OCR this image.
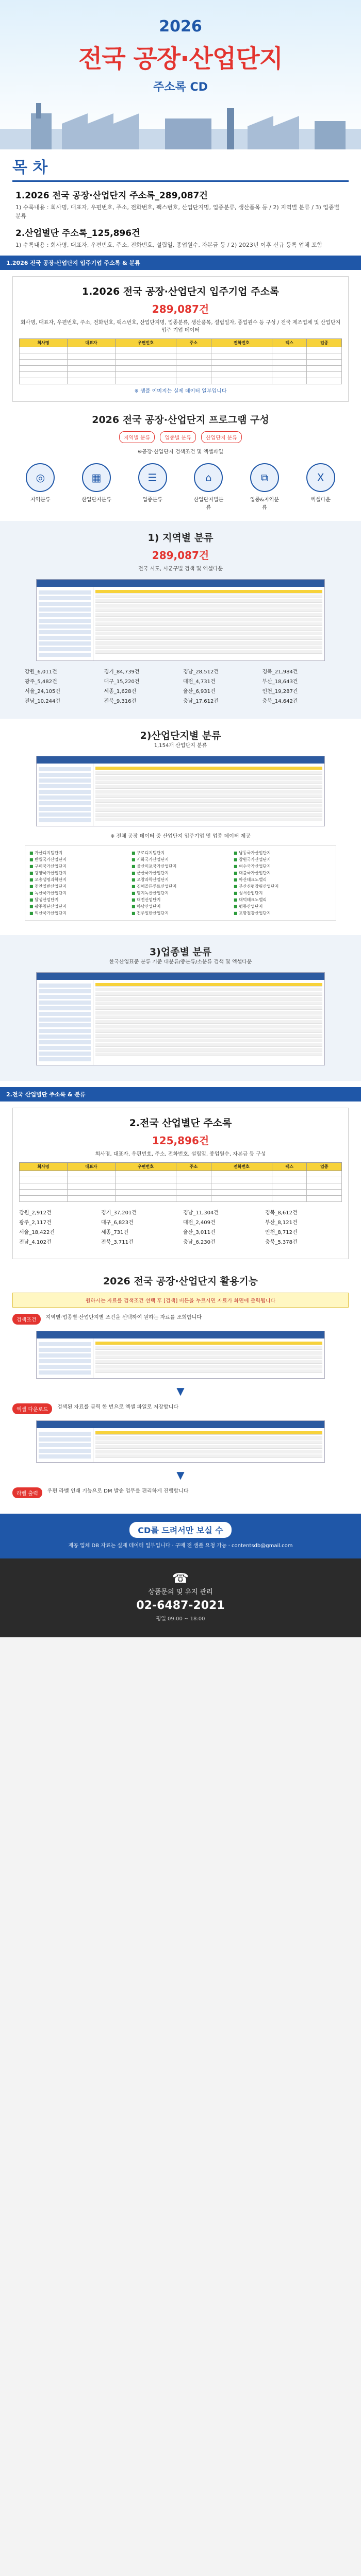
2026
전국 공장·산업단지
주소록 CD
목 차
1.2026 전국 공장·산업단지 주소록_289,087건

1) 수록내용 : 회사명, 대표자, 우편번호, 주소, 전화번호, 팩스번호, 산업단지명, 업종분류, 생산품목 등 / 2) 지역별 분류 / 3) 업종별 분류

2.산업별단 주소록_125,896건

1) 수록내용 : 회사명, 대표자, 우편번호, 주소, 전화번호, 설립일, 종업원수, 자본금 등 / 2) 2023년 이후 신규 등록 업체 포함

1.2026 전국 공장·산업단지 입주기업 주소록 & 분류
1.2026 전국 공장·산업단지 입주기업 주소록
289,087건
회사명, 대표자, 우편번호, 주소, 전화번호, 팩스번호, 산업단지명, 업종분류, 생산품목, 설립일자, 종업원수 등 구성 / 전국 제조업체 및 산업단지 입주 기업 데이터
회사명	대표자	우편번호	주소	전화번호	팩스	업종

※ 샘플 이미지는 실제 데이터 일부입니다
2026 전국 공장·산업단지 프로그램 구성
지역별 분류	업종별 분류	산업단지 분류
※공장·산업단지 검색조건 및 엑셀파일
◎
지역분류
▦
산업단지분류
☰
업종분류
⌂
산업단지별분류
⧉
업종&지역분류
X
엑셀다운
1) 지역별 분류
289,087건
전국 시도, 시군구별 검색 및 엑셀다운
강원_6,011건	경기_84,739건	경남_28,512건	경북_21,984건
광주_5,482건	대구_15,220건	대전_4,731건	부산_18,643건
서울_24,105건	세종_1,628건	울산_6,931건	인천_19,287건
전남_10,244건	전북_9,316건	충남_17,612건	충북_14,642건
2)산업단지별 분류
1,154개 산업단지 분류
※ 전체 공장 데이터 중 산업단지 입주기업 및 업종 데이터 제공
■ 가산디지털단지	■ 구로디지털단지	■ 남동국가산업단지
■ 반월국가산업단지	■ 시화국가산업단지	■ 창원국가산업단지
■ 구미국가산업단지	■ 울산미포국가산업단지	■ 여수국가산업단지
■ 광양국가산업단지	■ 군산국가산업단지	■ 대불국가산업단지
■ 오송생명과학단지	■ 오창과학산업단지	■ 아산테크노밸리
■ 천안일반산업단지	■ 김해골든루트산업단지	■ 부산신평장림산업단지
■ 녹산국가산업단지	■ 명지녹산산업단지	■ 성서산업단지
■ 달성산업단지	■ 대전산업단지	■ 대덕테크노밸리
■ 광주첨단산업단지	■ 하남산업단지	■ 평동산업단지
■ 익산국가산업단지	■ 전주일반산업단지	■ 포항철강산업단지
3)업종별 분류
한국산업표준 분류 기준 대분류/중분류/소분류 검색 및 엑셀다운
2.전국 산업별단 주소록 & 분류
2.전국 산업별단 주소록
125,896건
회사명, 대표자, 우편번호, 주소, 전화번호, 설립일, 종업원수, 자본금 등 구성
회사명	대표자	우편번호	주소	전화번호	팩스	업종

강원_2,912건	경기_37,201건	경남_11,304건	경북_8,612건
광주_2,117건	대구_6,823건	대전_2,409건	부산_8,121건
서울_18,422건	세종_731건	울산_3,011건	인천_8,712건
전남_4,102건	전북_3,711건	충남_6,230건	충북_5,378건
2026 전국 공장·산업단지 활용기능
원하시는 자료를 검색조건 선택 후 [검색] 버튼을 누르시면 자료가 화면에 출력됩니다
검색조건	지역별·업종별·산업단지별 조건을 선택하여 원하는 자료를 조회합니다
▼
엑셀 다운로드	검색된 자료를 클릭 한 번으로 엑셀 파일로 저장합니다
▼
라벨 출력	우편 라벨 인쇄 기능으로 DM 발송 업무를 편리하게 진행합니다
CD를 드려서만 보실 수

제공 업체 DB 자료는 실제 데이터 일부입니다 · 구매 전 샘플 요청 가능 · contentsdb@gmail.com

☎
상품문의 및 유지 관리
02-6487-2021
평일 09:00 ~ 18:00
